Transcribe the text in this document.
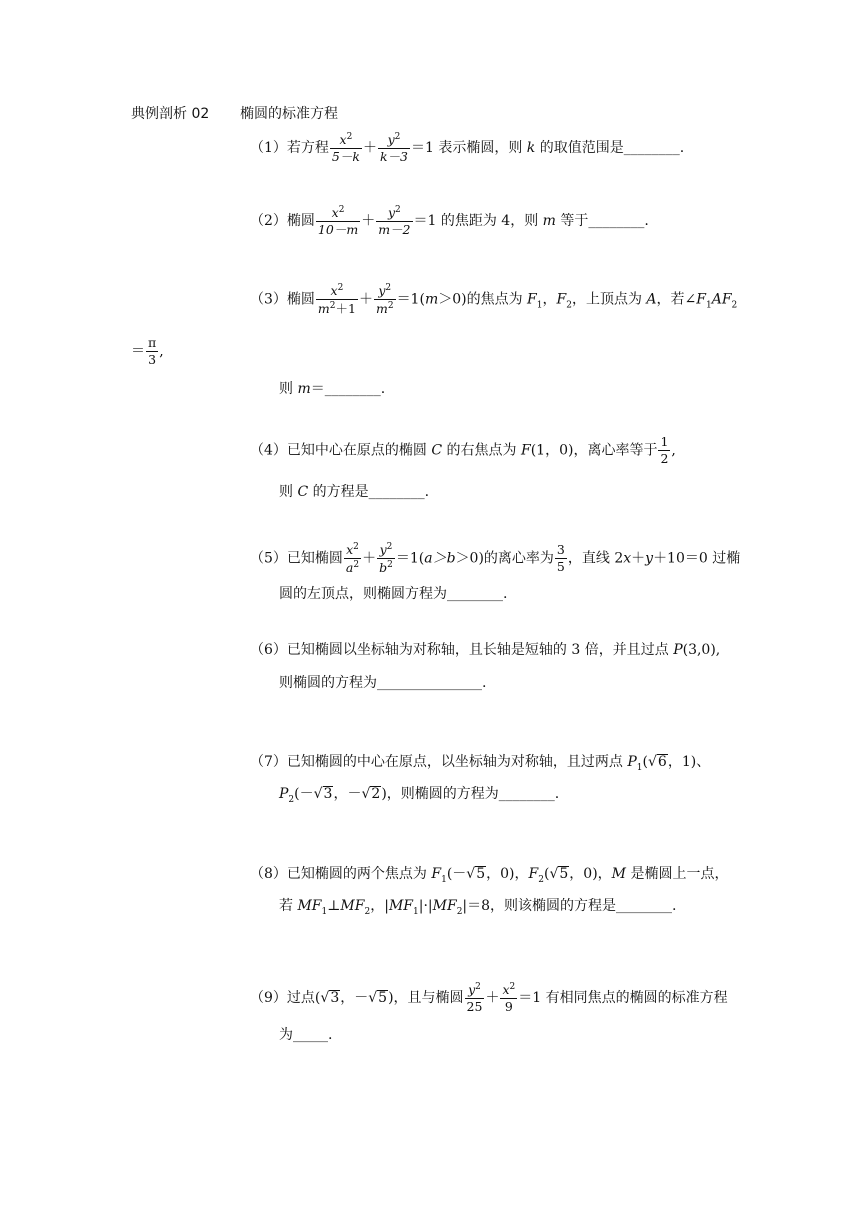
典例剖析 02 椭圆的标准方程
（1）若方程 $\frac{x^2}{5-k} + \frac{y^2}{k-3} =1$ 表示椭圆，则 k 的取值范围是________.
（2）椭圆 $\frac{x^2}{10-m} + \frac{y^2}{m-2} =1$ 的焦距为 4，则 m 等于________.
（3）椭圆 $\frac{x^2}{m^2+1} + \frac{y^2}{m^2} =1(m>0)$的焦点为 $F_1$，$F_2$，上顶点为 A，若$\angle F_1AF_2$
＝ $\frac{\pi}{3}$ ,
则 m＝________.
（4）已知中心在原点的椭圆 C 的右焦点为 F(1，0)，离心率等于 $\frac{1}{2}$ ,
则 C 的方程是________.
（5）已知椭圆 $\frac{x^2}{a^2} + \frac{y^2}{b^2} =1(a>b>0)$的离心率为 $\frac{3}{5}$ ，直线 2x＋y＋10＝0 过椭
圆的左顶点，则椭圆方程为________.
（6）已知椭圆以坐标轴为对称轴，且长轴是短轴的 3 倍，并且过点 P(3,0),
则椭圆的方程为_______________.
（7）已知椭圆的中心在原点，以坐标轴为对称轴，且过两点 $P_1(√6$，1)、
$P_2(-√3$，－√2)，则椭圆的方程为________.
（8）已知椭圆的两个焦点为 $F_1(-√5$，0)，$F_2(√5$，0)，M 是椭圆上一点，
若 $MF_1\perp MF_2$，$|MF_1|\cdot|MF_2|=8$，则该椭圆的方程是________.
（9）过点(√3，－√5)，且与椭圆 $\frac{y^2}{25} + \frac{x^2}{9} =1$ 有相同焦点的椭圆的标准方程
为_____.
